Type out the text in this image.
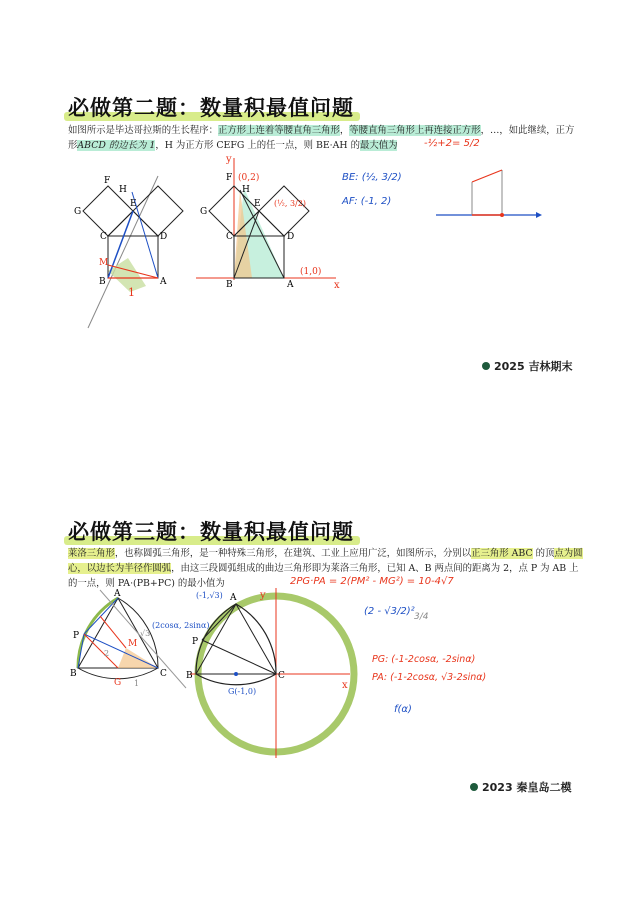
必做第二题：数量积最值问题
如图所示是毕达哥拉斯的生长程序：正方形上连着等腰直角三角形，等腰直角三角形上再连接正方形，…，如此继续，正方形ABCD 的边长为 1，H 为正方形 CEFG 上的任一点，则 BE·AH 的最大值为	-½+2= 5/2
F
H
G
E
C	D
B	A
M
1
y
x
F
H
G
E
C	D
B	A
(0,2)
(½, 3/2)
(1,0)
BE: (½, 3/2)
AF: (-1, 2)
2025 吉林期末
必做第三题：数量积最值问题
莱洛三角形，也称圆弧三角形，是一种特殊三角形，在建筑、工业上应用广泛，如图所示，分别以正三角形 ABC 的顶点为圆心，以边长为半径作圆弧，由这三段圆弧组成的曲边三角形即为莱洛三角形，已知 A、B 两点间的距离为 2，点 P 为 AB 上的一点，则 PA·(PB+PC) 的最小值为	2PG·PA = 2(PM² - MG²) = 10-4√7
A
P
B	C
G
M
√3
1
2
A
P
B	C
y
x
(-1,√3)
(2cosα, 2sinα)
G(-1,0)
(2 - √3/2)² 3/4
PG: (-1-2cosα, -2sinα)
PA: (-1-2cosα, √3-2sinα)
f(α)
2023 秦皇岛二模
